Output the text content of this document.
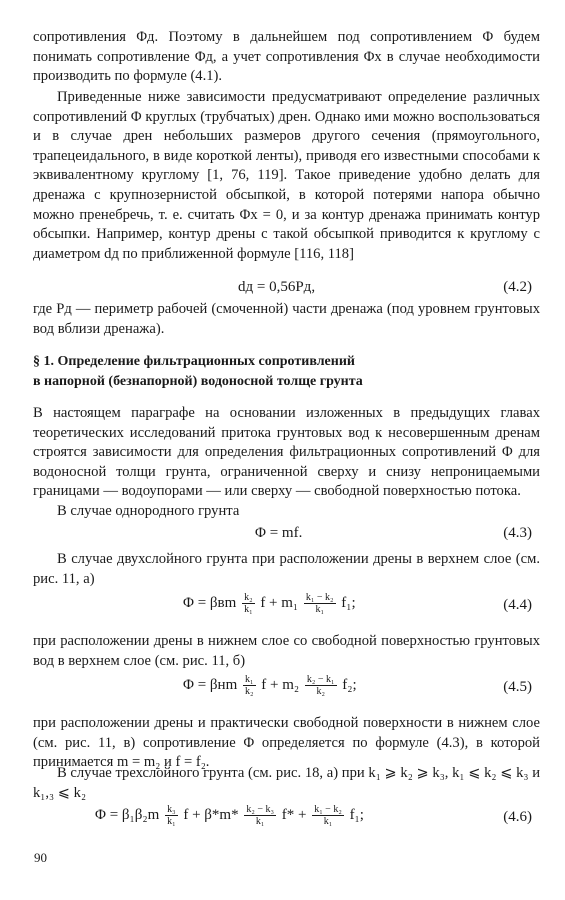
сопротивления Φд. Поэтому в дальнейшем под сопротивлением Φ будем понимать сопротивление Φд, а учет сопротивления Φх в случае необходимости производить по формуле (4.1).

Приведенные ниже зависимости предусматривают определение различных сопротивлений Φ круглых (трубчатых) дрен. Однако ими можно воспользоваться и в случае дрен небольших размеров другого сечения (прямоугольного, трапецеидального, в виде короткой ленты), приводя его известными способами к эквивалентному круглому [1, 76, 119]. Такое приведение удобно делать для дренажа с крупнозернистой обсыпкой, в которой потерями напора обычно можно пренебречь, т. е. считать Φх = 0, и за контур дренажа принимать контур обсыпки. Например, контур дрены с такой обсыпкой приводится к круглому с диаметром dд по приближенной формуле [116, 118]

dд = 0,56Pд,	(4.2)

где Pд — периметр рабочей (смоченной) части дренажа (под уровнем грунтовых вод вблизи дренажа).

§ 1. Определение фильтрационных сопротивлений
в напорной (безнапорной) водоносной толще грунта

В настоящем параграфе на основании изложенных в предыдущих главах теоретических исследований притока грунтовых вод к несовершенным дренам строятся зависимости для определения фильтрационных сопротивлений Φ для водоносной толщи грунта, ограниченной сверху и снизу непроницаемыми границами — водоупорами — или сверху — свободной поверхностью потока.

В случае однородного грунта

Φ = mf.	(4.3)

В случае двухслойного грунта при расположении дрены в верхнем слое (см. рис. 11, а)

Φ = βвm $\frac{\text{k₂}}{\text{k₁}}$ $f + m_1 \frac{\text{k₁ − k₂}}{\text{k₁}} f_1$;	(4.4)

при расположении дрены в нижнем слое со свободной поверхностью грунтовых вод в верхнем слое (см. рис. 11, б)

Φ = βнm $\frac{\text{k₁}}{\text{k₂}}$ $f + m_2 \frac{\text{k₂ − k₁}}{\text{k₂}} f_2$;	(4.5)

при расположении дрены и практически свободной поверхности в нижнем слое (см. рис. 11, в) сопротивление Φ определяется по формуле (4.3), в которой принимается m = m₂ и f = f₂.

В случае трехслойного грунта (см. рис. 18, а) при k₁ ⩾ k₂ ⩾ k₃, k₁ ⩽ k₂ ⩽ k₃ и k₁,₃ ⩽ k₂

$\Phi = \beta_1\beta_2m \frac{\text{k₃}}{\text{k₁}}$ $f + \beta*m* \frac{\text{k₂ − k₃}}{\text{k₁}} f* + \frac{\text{k₁ − k₂}}{\text{k₁}} f_1$;	(4.6)
90
